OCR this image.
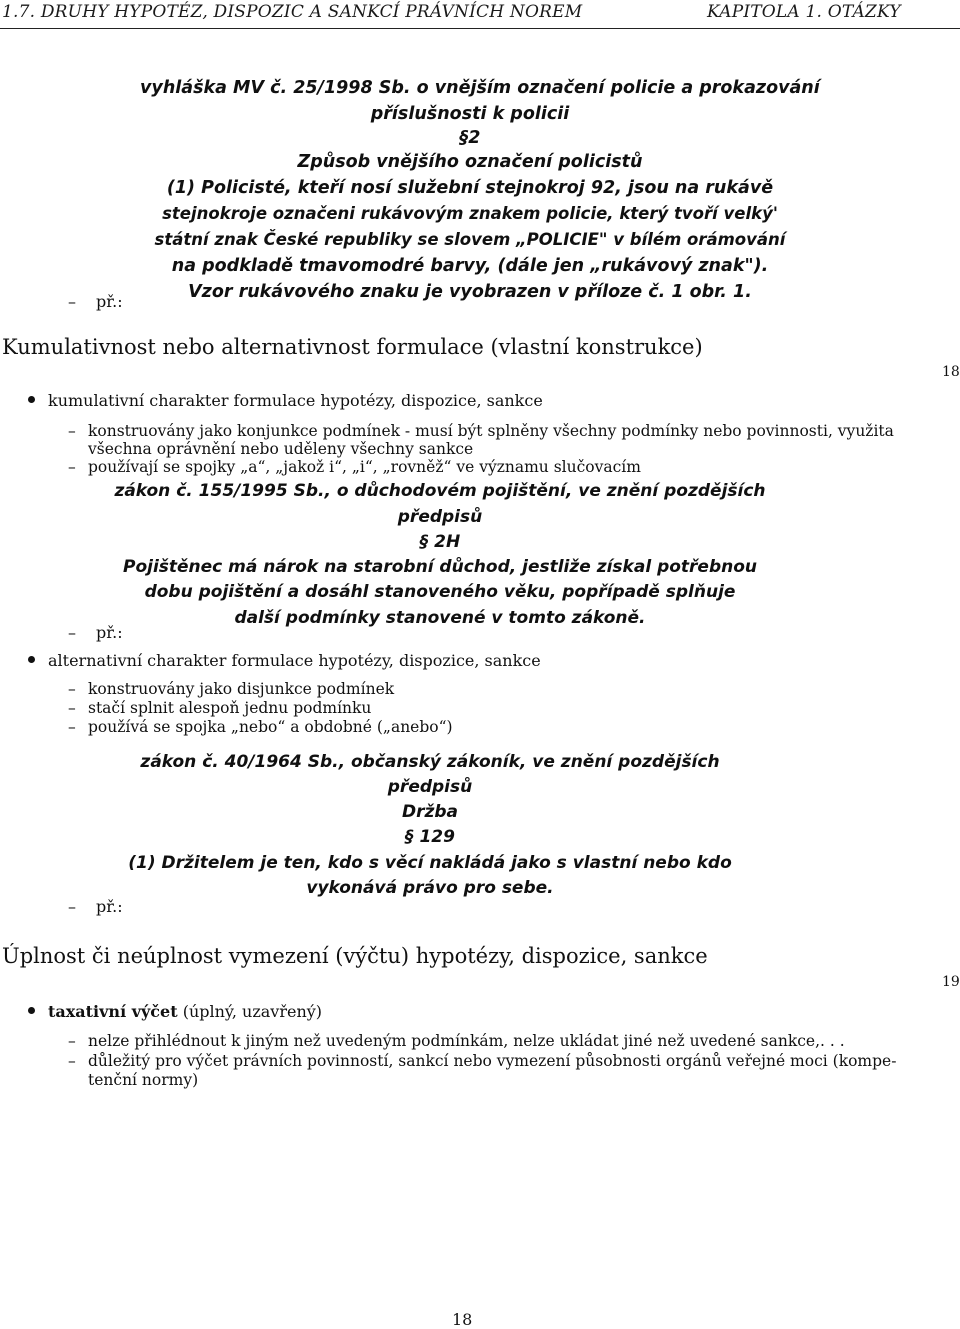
1.7. DRUHY HYPOTÉZ, DISPOZIC A SANKCÍ PRÁVNÍCH NOREM	KAPITOLA 1. OTÁZKY
vyhláška MV č. 25/1998 Sb. o vnějším označení policie a prokazování
příslušnosti k policii
§2
Způsob vnějšího označení policistů
(1) Policisté, kteří nosí služební stejnokroj 92, jsou na rukávě
stejnokroje označeni rukávovým znakem policie, který tvoří velký'
státní znak České republiky se slovem „POLICIE" v bílém orámování
na podkladě tmavomodré barvy, (dále jen „rukávový znak").
Vzor rukávového znaku je vyobrazen v příloze č. 1 obr. 1.
– př.:
Kumulativnost nebo alternativnost formulace (vlastní konstrukce)
18
kumulativní charakter formulace hypotézy, dispozice, sankce
– konstruovány jako konjunkce podmínek - musí být splněny všechny podmínky nebo povinnosti, využita
všechna oprávnění nebo uděleny všechny sankce
– používají se spojky „a“, „jakož i“, „i“, „rovněž“ ve významu slučovacím
zákon č. 155/1995 Sb., o důchodovém pojištění, ve znění pozdějších
předpisů
§ 2H
Pojištěnec má nárok na starobní důchod, jestliže získal potřebnou
dobu pojištění a dosáhl stanoveného věku, popřípadě splňuje
další podmínky stanovené v tomto zákoně.
– př.:
alternativní charakter formulace hypotézy, dispozice, sankce
– konstruovány jako disjunkce podmínek
– stačí splnit alespoň jednu podmínku
– používá se spojka „nebo“ a obdobné („anebo“)
zákon č. 40/1964 Sb., občanský zákoník, ve znění pozdějších
předpisů
Držba
§ 129
(1) Držitelem je ten, kdo s věcí nakládá jako s vlastní nebo kdo
vykonává právo pro sebe.
– př.:
Úplnost či neúplnost vymezení (výčtu) hypotézy, dispozice, sankce
19
taxativní výčet (úplný, uzavřený)
– nelze přihlédnout k jiným než uvedeným podmínkám, nelze ukládat jiné než uvedené sankce,. . .
– důležitý pro výčet právních povinností, sankcí nebo vymezení působnosti orgánů veřejné moci (kompe-
tenční normy)
18
